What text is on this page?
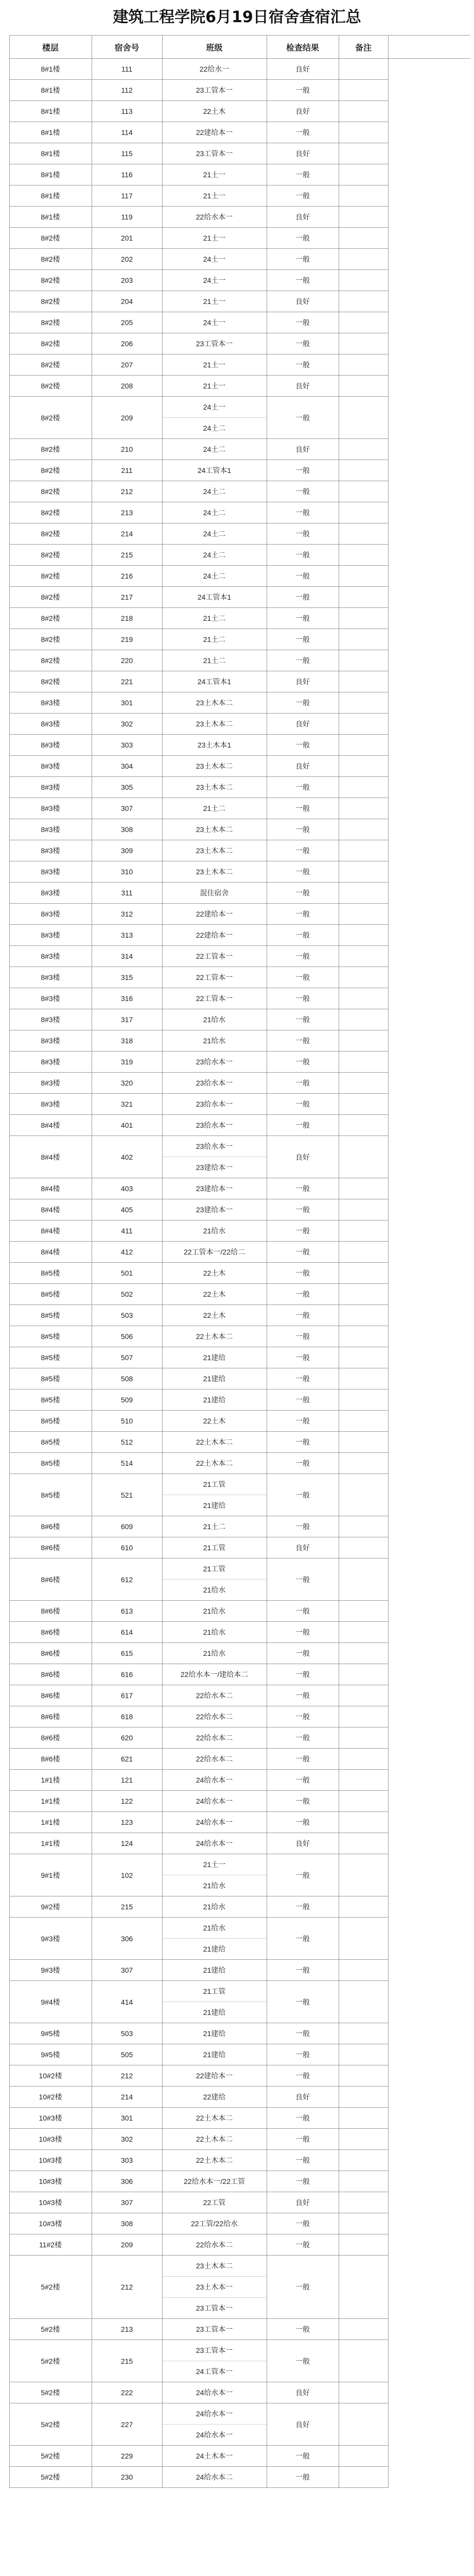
建筑工程学院6月19日宿舍查宿汇总
	楼层	宿舍号	班级	检查结果	备注	
	8#1楼	111	22给水一	良好		
	8#1楼	112	23工管本一	一般		
	8#1楼	113	22土木	良好		
	8#1楼	114	22建给本一	一般		
	8#1楼	115	23工管本一	良好		
	8#1楼	116	21土一	一般		
	8#1楼	117	21土一	一般		
	8#1楼	119	22给水本一	良好		
	8#2楼	201	21土一	一般		
	8#2楼	202	24土一	一般		
	8#2楼	203	24土一	一般		
	8#2楼	204	21土一	良好		
	8#2楼	205	24土一	一般		
	8#2楼	206	23工管本一	一般		
	8#2楼	207	21土一	一般		
	8#2楼	208	21土一	良好		
	8#2楼	209	24土一
24土二	一般		
	8#2楼	210	24土二	良好		
	8#2楼	211	24工管本1	一般		
	8#2楼	212	24土二	一般		
	8#2楼	213	24土二	一般		
	8#2楼	214	24土二	一般		
	8#2楼	215	24土二	一般		
	8#2楼	216	24土二	一般		
	8#2楼	217	24工管本1	一般		
	8#2楼	218	21土二	一般		
	8#2楼	219	21土二	一般		
	8#2楼	220	21土二	一般		
	8#2楼	221	24工管本1	良好		
	8#3楼	301	23土木本二	一般		
	8#3楼	302	23土木本二	良好		
	8#3楼	303	23土木本1	一般		
	8#3楼	304	23土木本二	良好		
	8#3楼	305	23土木本二	一般		
	8#3楼	307	21土二	一般		
	8#3楼	308	23土木本二	一般		
	8#3楼	309	23土木本二	一般		
	8#3楼	310	23土木本二	一般		
	8#3楼	311	混住宿舍	一般		
	8#3楼	312	22建给本一	一般		
	8#3楼	313	22建给本一	一般		
	8#3楼	314	22工管本一	一般		
	8#3楼	315	22工管本一	一般		
	8#3楼	316	22工管本一	一般		
	8#3楼	317	21给水	一般		
	8#3楼	318	21给水	一般		
	8#3楼	319	23给水本一	一般		
	8#3楼	320	23给水本一	一般		
	8#3楼	321	23给水本一	一般		
	8#4楼	401	23给水本一	一般		
	8#4楼	402	23给水本一
23建给本一	良好		
	8#4楼	403	23建给本一	一般		
	8#4楼	405	23建给本一	一般		
	8#4楼	411	21给水	一般		
	8#4楼	412	22工管本一/22给二	一般		
	8#5楼	501	22土木	一般		
	8#5楼	502	22土木	一般		
	8#5楼	503	22土木	一般		
	8#5楼	506	22土木本二	一般		
	8#5楼	507	21建给	一般		
	8#5楼	508	21建给	一般		
	8#5楼	509	21建给	一般		
	8#5楼	510	22土木	一般		
	8#5楼	512	22土木本二	一般		
	8#5楼	514	22土木本二	一般		
	8#5楼	521	21工管
21建给	一般		
	8#6楼	609	21土二	一般		
	8#6楼	610	21工管	良好		
	8#6楼	612	21工管
21给水	一般		
	8#6楼	613	21给水	一般		
	8#6楼	614	21给水	一般		
	8#6楼	615	21给水	一般		
	8#6楼	616	22给水本一/建给本二	一般		
	8#6楼	617	22给水本二	一般		
	8#6楼	618	22给水本二	一般		
	8#6楼	620	22给水本二	一般		
	8#6楼	621	22给水本二	一般		
	1#1楼	121	24给水本一	一般		
	1#1楼	122	24给水本一	一般		
	1#1楼	123	24给水本一	一般		
	1#1楼	124	24给水本一	良好		
	9#1楼	102	21土一
21给水	一般		
	9#2楼	215	21给水	一般		
	9#3楼	306	21给水
21建给	一般		
	9#3楼	307	21建给	一般		
	9#4楼	414	21工管
21建给	一般		
	9#5楼	503	21建给	一般		
	9#5楼	505	21建给	一般		
	10#2楼	212	22建给本一	一般		
	10#2楼	214	22建给	良好		
	10#3楼	301	22土木本二	一般		
	10#3楼	302	22土木本二	一般		
	10#3楼	303	22土木本二	一般		
	10#3楼	306	22给水本一/22工管	一般		
	10#3楼	307	22工管	良好		
	10#3楼	308	22工管/22给水	一般		
	11#2楼	209	22给水本二	一般		
	5#2楼	212	23土木本二
23土木本一
23工管本一	一般		
	5#2楼	213	23工管本一	一般		
	5#2楼	215	23工管本一
24工管本一	一般		
	5#2楼	222	24给水本一	良好		
	5#2楼	227	24给水本一
24给水本一	良好		
	5#2楼	229	24土木本一	一般		
	5#2楼	230	24给水本二	一般		
